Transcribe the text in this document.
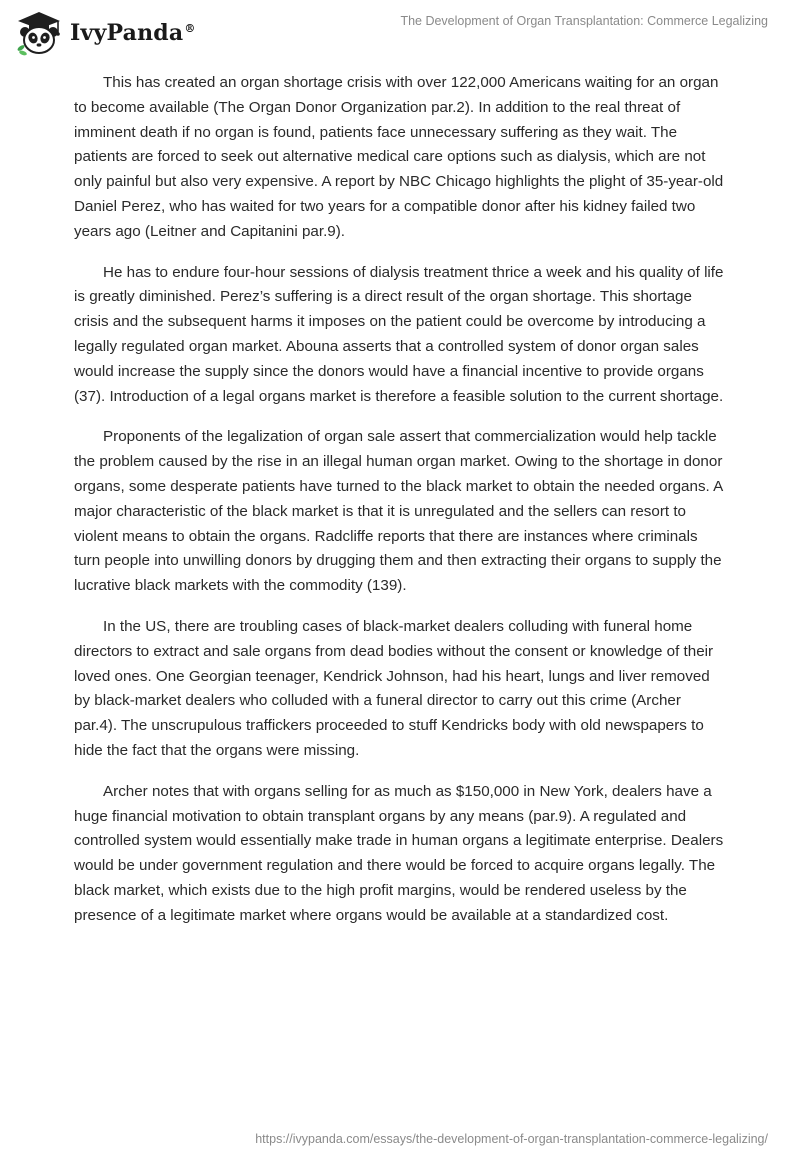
IvyPanda®
The Development of Organ Transplantation: Commerce Legalizing

This has created an organ shortage crisis with over 122,000 Americans waiting for an organ to become available (The Organ Donor Organization par.2). In addition to the real threat of imminent death if no organ is found, patients face unnecessary suffering as they wait. The patients are forced to seek out alternative medical care options such as dialysis, which are not only painful but also very expensive. A report by NBC Chicago highlights the plight of 35-year-old Daniel Perez, who has waited for two years for a compatible donor after his kidney failed two years ago (Leitner and Capitanini par.9).

He has to endure four-hour sessions of dialysis treatment thrice a week and his quality of life is greatly diminished. Perez’s suffering is a direct result of the organ shortage. This shortage crisis and the subsequent harms it imposes on the patient could be overcome by introducing a legally regulated organ market. Abouna asserts that a controlled system of donor organ sales would increase the supply since the donors would have a financial incentive to provide organs (37). Introduction of a legal organs market is therefore a feasible solution to the current shortage.

Proponents of the legalization of organ sale assert that commercialization would help tackle the problem caused by the rise in an illegal human organ market. Owing to the shortage in donor organs, some desperate patients have turned to the black market to obtain the needed organs. A major characteristic of the black market is that it is unregulated and the sellers can resort to violent means to obtain the organs. Radcliffe reports that there are instances where criminals turn people into unwilling donors by drugging them and then extracting their organs to supply the lucrative black markets with the commodity (139).

In the US, there are troubling cases of black-market dealers colluding with funeral home directors to extract and sale organs from dead bodies without the consent or knowledge of their loved ones. One Georgian teenager, Kendrick Johnson, had his heart, lungs and liver removed by black-market dealers who colluded with a funeral director to carry out this crime (Archer par.4). The unscrupulous traffickers proceeded to stuff Kendricks body with old newspapers to hide the fact that the organs were missing.

Archer notes that with organs selling for as much as $150,000 in New York, dealers have a huge financial motivation to obtain transplant organs by any means (par.9). A regulated and controlled system would essentially make trade in human organs a legitimate enterprise. Dealers would be under government regulation and there would be forced to acquire organs legally. The black market, which exists due to the high profit margins, would be rendered useless by the presence of a legitimate market where organs would be available at a standardized cost.

https://ivypanda.com/essays/the-development-of-organ-transplantation-commerce-legalizing/
